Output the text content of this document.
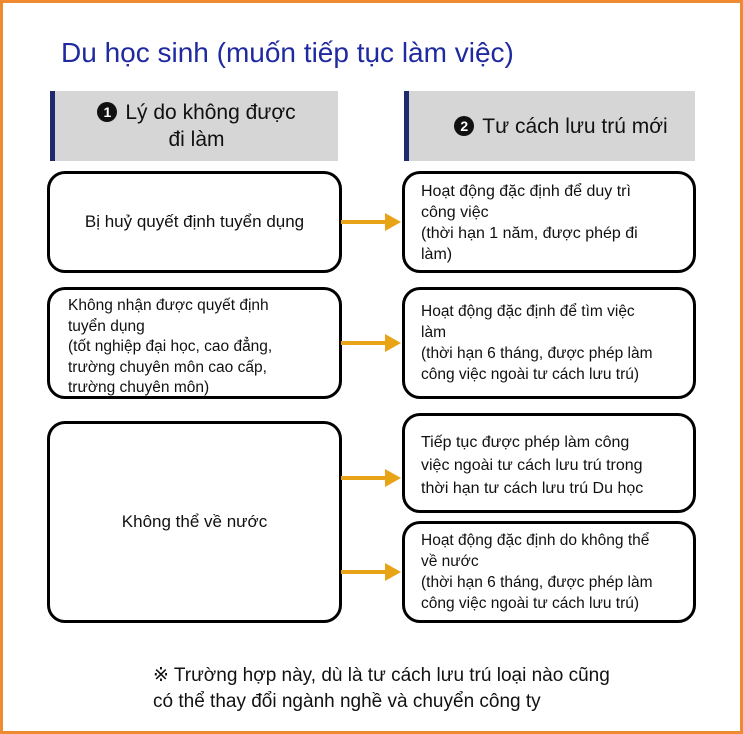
Du học sinh (muốn tiếp tục làm việc)
1 Lý do không được
đi làm
2 Tư cách lưu trú mới
Bị huỷ quyết định tuyển dụng
Không nhận được quyết định
tuyển dụng
(tốt nghiệp đại học, cao đẳng,
trường chuyên môn cao cấp,
trường chuyên môn)
Không thể về nước
Hoạt động đặc định để duy trì
công việc
(thời hạn 1 năm, được phép đi
làm)
Hoạt động đặc định để tìm việc
làm
(thời hạn 6 tháng, được phép làm
công việc ngoài tư cách lưu trú)
Tiếp tục được phép làm công
việc ngoài tư cách lưu trú trong
thời hạn tư cách lưu trú Du học
Hoạt động đặc định do không thể
về nước
(thời hạn 6 tháng, được phép làm
công việc ngoài tư cách lưu trú)
※ Trường hợp này, dù là tư cách lưu trú loại nào cũng
có thể thay đổi ngành nghề và chuyển công ty
